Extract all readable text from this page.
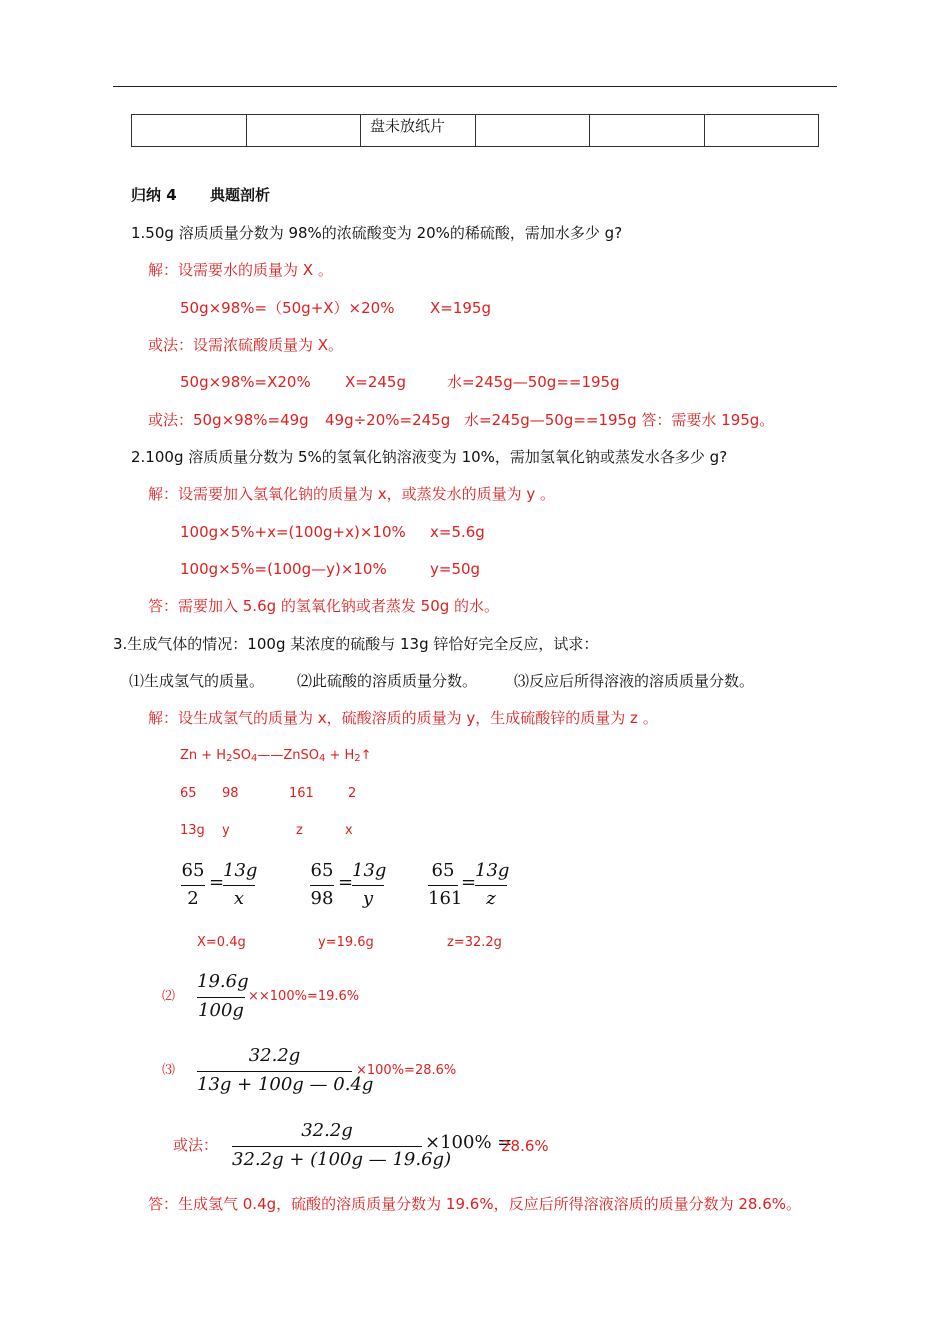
		盘未放纸片			
归纳 4 典题剖析
1.50g 溶质质量分数为 98%的浓硫酸变为 20%的稀硫酸，需加水多少 g?
解：设需要水的质量为 X 。
50g×98%=（50g+X）×20% X=195g
或法：设需浓硫酸质量为 X。
50g×98%=X20% X=245g	水=245g—50g==195g
或法：50g×98%=49g 49g÷20%=245g 水=245g—50g==195g 答：需要水 195g。
2.100g 溶质质量分数为 5%的氢氧化钠溶液变为 10%，需加氢氧化钠或蒸发水各多少 g?
解：设需要加入氢氧化钠的质量为 x，或蒸发水的质量为 y 。
100g×5%+x=(100g+x)×10% x=5.6g
100g×5%=(100g—y)×10%	y=50g
答：需要加入 5.6g 的氢氧化钠或者蒸发 50g 的水。
3.生成气体的情况：100g 某浓度的硫酸与 13g 锌恰好完全反应，试求：
⑴生成氢气的质量。 ⑵此硫酸的溶质质量分数。 ⑶反应后所得溶液的溶质质量分数。
解：设生成氢气的质量为 x，硫酸溶质的质量为 y，生成硫酸锌的质量为 z 。
$Zn + H_2SO_4——ZnSO_4$ + $H_2↑$
65 98	161	2
13g y	z	x
65
2
=
13g
x
65
98
=
13g
y
65
161
=
13g
z
X=0.4g	y=19.6g	z=32.2g
⑵
19.6g
100g
××100%=19.6%
⑶
32.2g
13g + 100g — 0.4g
×100%=28.6%
或法：
32.2g
32.2g + (100g — 19.6g)
×100% =
28.6%
答：生成氢气 0.4g，硫酸的溶质质量分数为 19.6%，反应后所得溶液溶质的质量分数为 28.6%。
